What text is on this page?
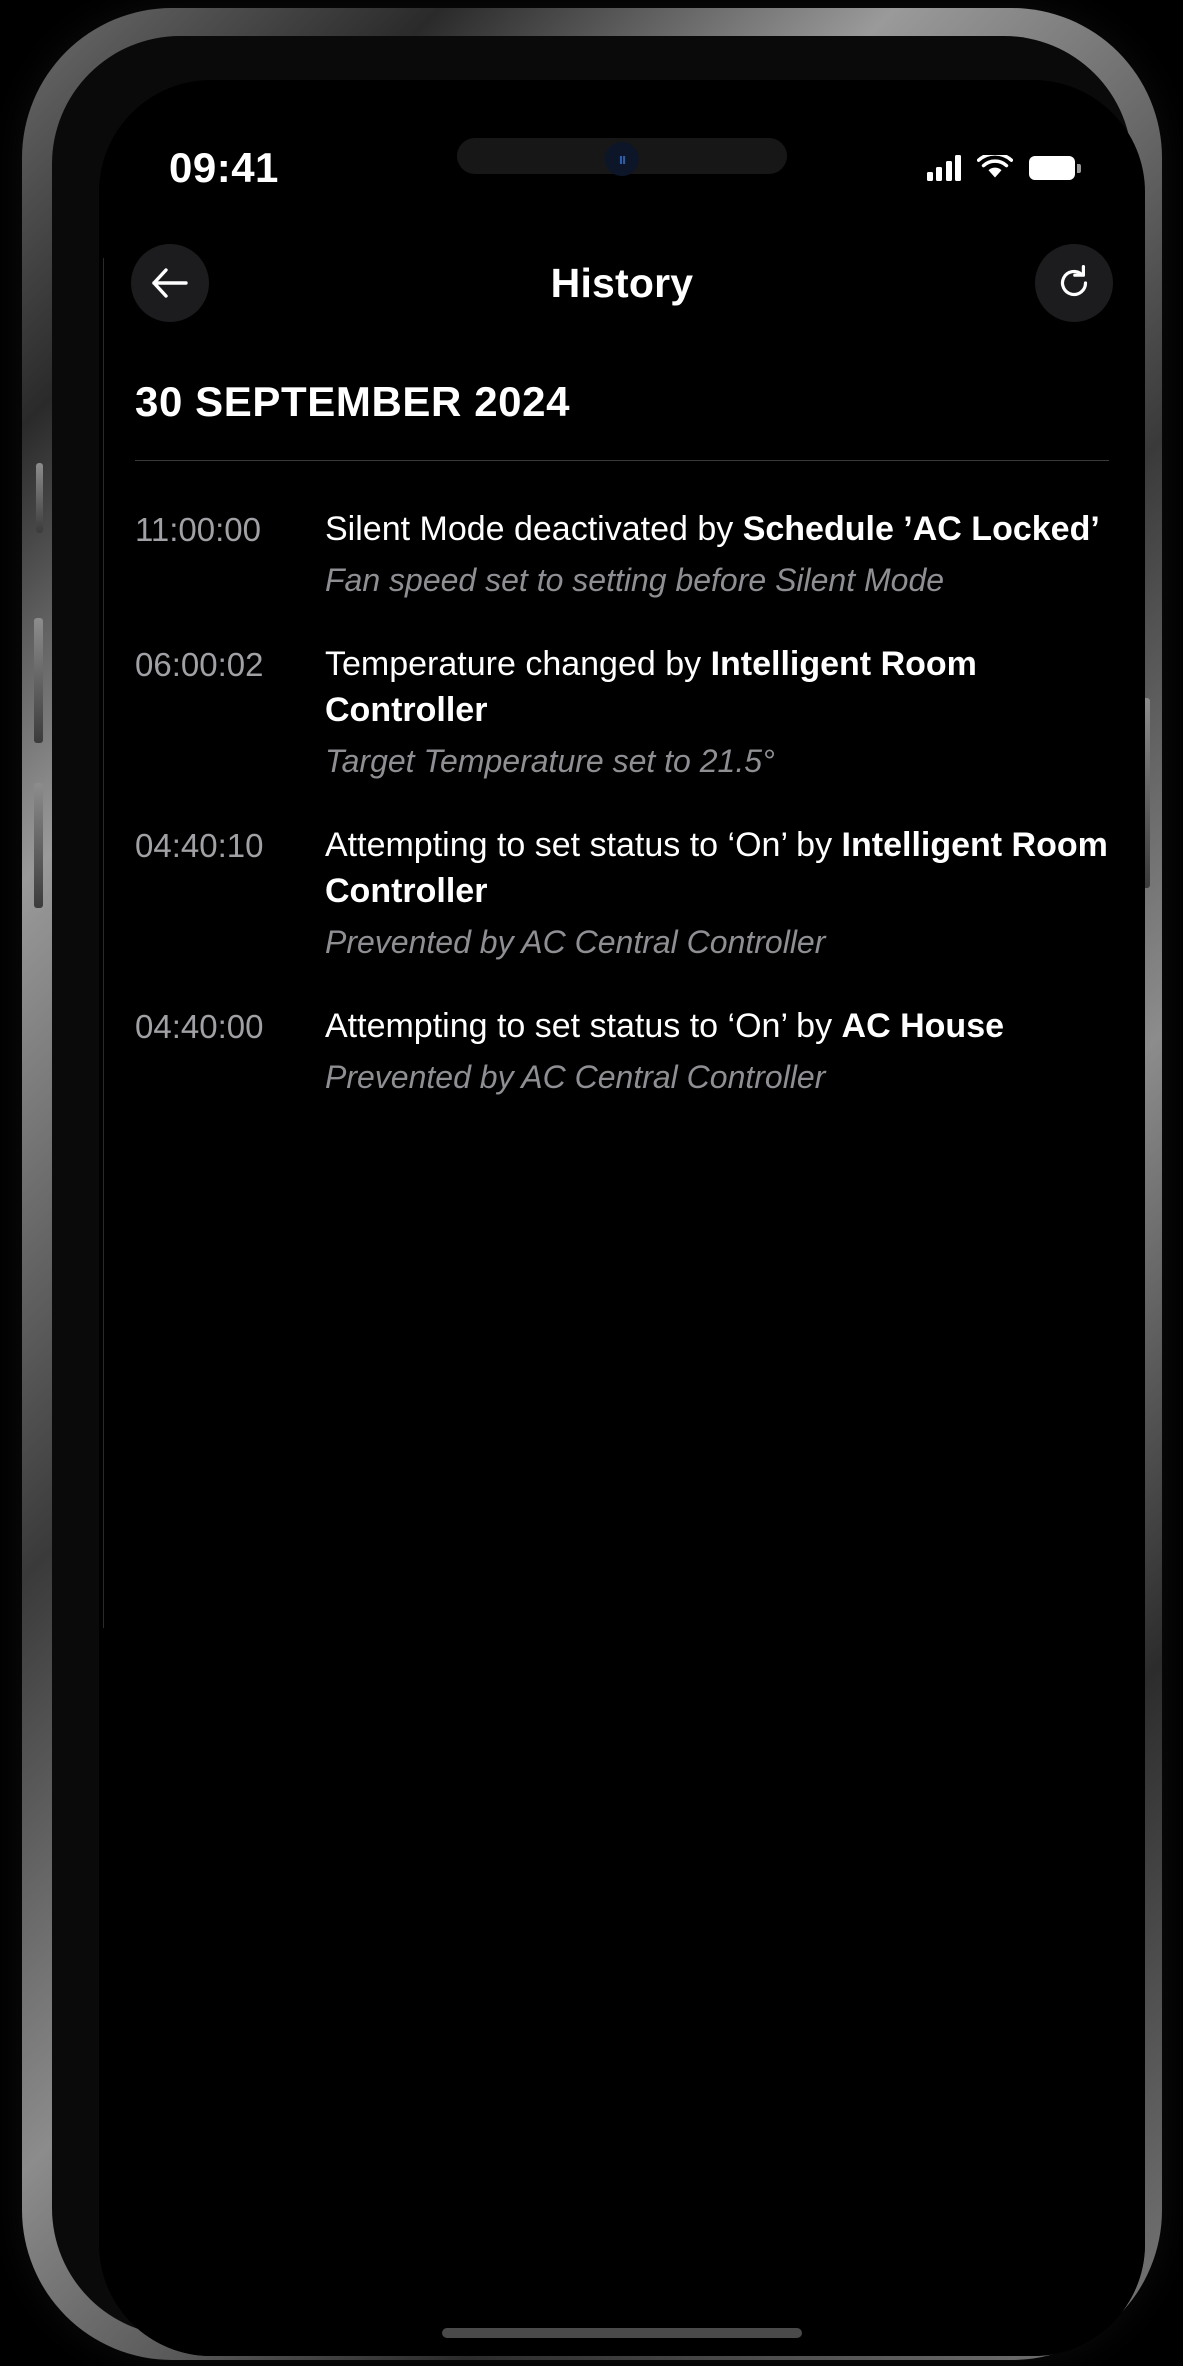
ıı
09:41
History
30 SEPTEMBER 2024
11:00:00	Silent Mode deactivated by Schedule ’AC Locked’

Fan speed set to setting before Silent Mode

06:00:02	Temperature changed by Intelligent Room Controller

Target Temperature set to 21.5°

04:40:10	Attempting to set status to ‘On’ by Intelligent Room Controller

Prevented by AC Central Controller

04:40:00	Attempting to set status to ‘On’ by AC House

Prevented by AC Central Controller
